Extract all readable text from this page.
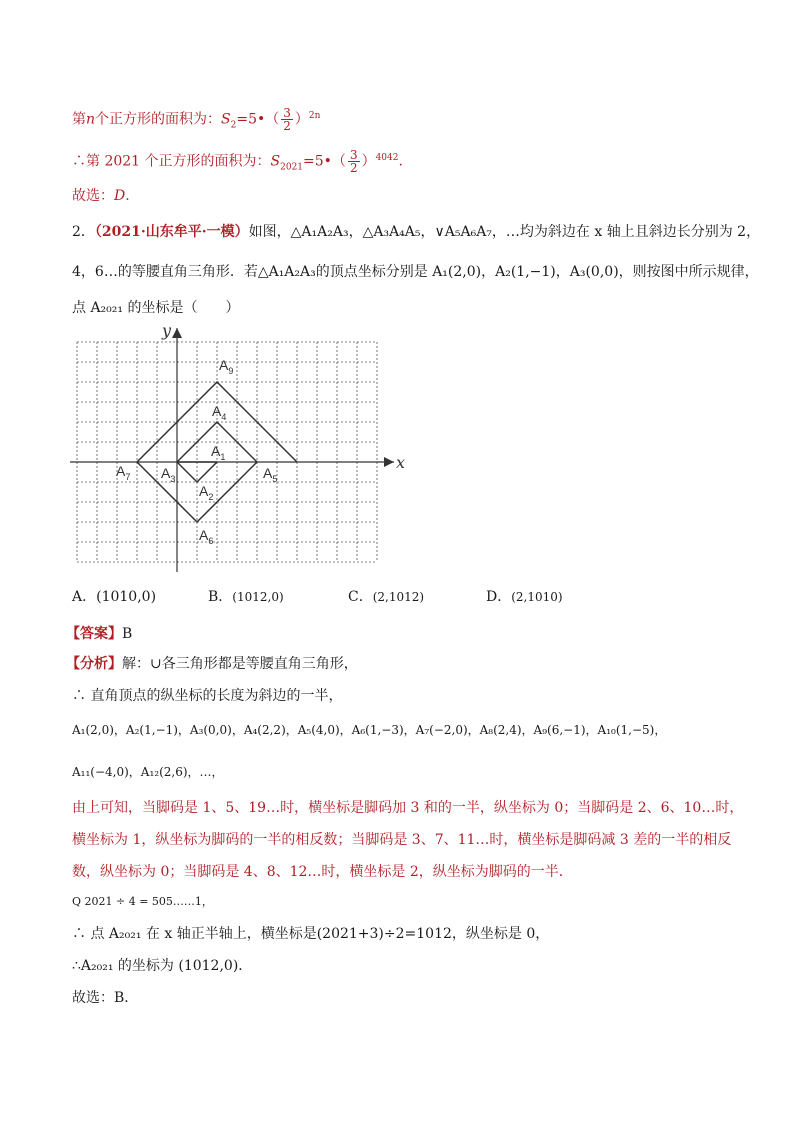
第n个正方形的面积为：$S_2=5•( \frac{3}{2} )^{2n}$
∴第 2021 个正方形的面积为：$S_{2021}=5•( \frac{3}{2} )^{4042}$.
故选：D.
2．（2021·山东牟平·一模）如图，△A₁A₂A₃，△A₃A₄A₅，∨A₅A₆A₇，…均为斜边在 x 轴上且斜边长分别为 2，
4，6…的等腰直角三角形．若△A₁A₂A₃的顶点坐标分别是 A₁(2,0)，A₂(1,−1)，A₃(0,0)，则按图中所示规律，
点 A₂₀₂₁ 的坐标是（　　）
x
y
$A_9$
$A_4$
$A_1$
$A_7$ $A_3$	$A_5$
$A_2$
$A_6$
A．(1010,0)	B．(1012,0)	C．(2,1012)	D．(2,1010)
【答案】B
【分析】解：∪各三角形都是等腰直角三角形，
∴ 直角顶点的纵坐标的长度为斜边的一半，
A₁(2,0)，A₂(1,−1)，A₃(0,0)，A₄(2,2)，A₅(4,0)，A₆(1,−3)，A₇(−2,0)，A₈(2,4)，A₉(6,−1)，A₁₀(1,−5)，
A₁₁(−4,0)，A₁₂(2,6)，…，
由上可知，当脚码是 1、5、19…时，横坐标是脚码加 3 和的一半，纵坐标为 0；当脚码是 2、6、10…时，
横坐标为 1，纵坐标为脚码的一半的相反数；当脚码是 3、7、11…时，横坐标是脚码减 3 差的一半的相反
数，纵坐标为 0；当脚码是 4、8、12…时，横坐标是 2，纵坐标为脚码的一半．
Q 2021 ÷ 4 = 505……1，
∴ 点 A₂₀₂₁ 在 x 轴正半轴上，横坐标是(2021+3)÷2=1012，纵坐标是 0，
∴A₂₀₂₁ 的坐标为 (1012,0)．
故选：B．
